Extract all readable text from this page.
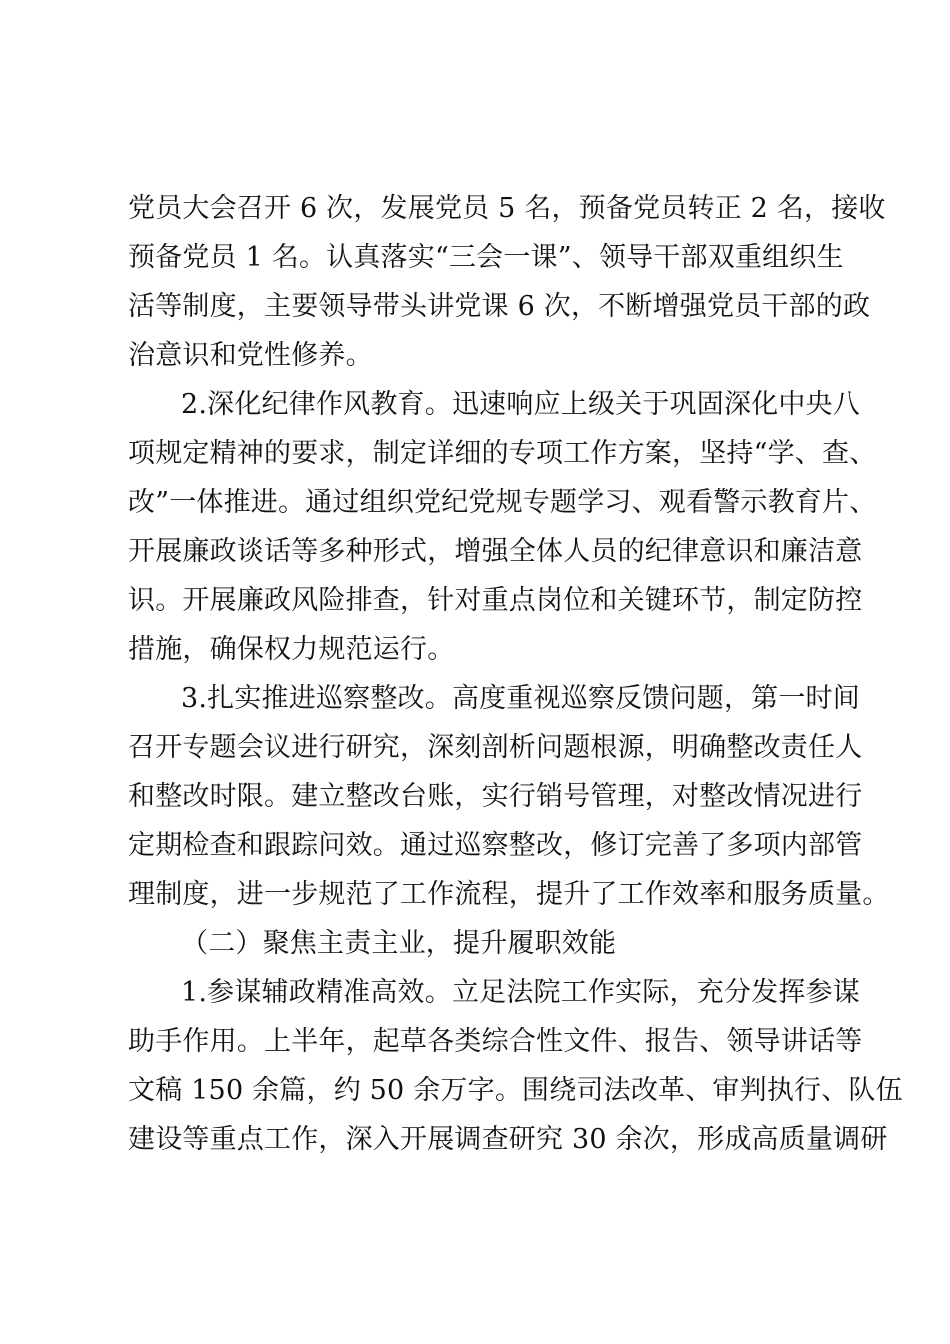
党员大会召开 6 次，发展党员 5 名，预备党员转正 2 名，接收
预备党员 1 名。认真落实“三会一课”、领导干部双重组织生
活等制度，主要领导带头讲党课 6 次，不断增强党员干部的政
治意识和党性修养。
2.深化纪律作风教育。迅速响应上级关于巩固深化中央八
项规定精神的要求，制定详细的专项工作方案，坚持“学、查、
改”一体推进。通过组织党纪党规专题学习、观看警示教育片、
开展廉政谈话等多种形式，增强全体人员的纪律意识和廉洁意
识。开展廉政风险排查，针对重点岗位和关键环节，制定防控
措施，确保权力规范运行。
3.扎实推进巡察整改。高度重视巡察反馈问题，第一时间
召开专题会议进行研究，深刻剖析问题根源，明确整改责任人
和整改时限。建立整改台账，实行销号管理，对整改情况进行
定期检查和跟踪问效。通过巡察整改，修订完善了多项内部管
理制度，进一步规范了工作流程，提升了工作效率和服务质量。
（二）聚焦主责主业，提升履职效能
1.参谋辅政精准高效。立足法院工作实际，充分发挥参谋
助手作用。上半年，起草各类综合性文件、报告、领导讲话等
文稿 150 余篇，约 50 余万字。围绕司法改革、审判执行、队伍
建设等重点工作，深入开展调查研究 30 余次，形成高质量调研
